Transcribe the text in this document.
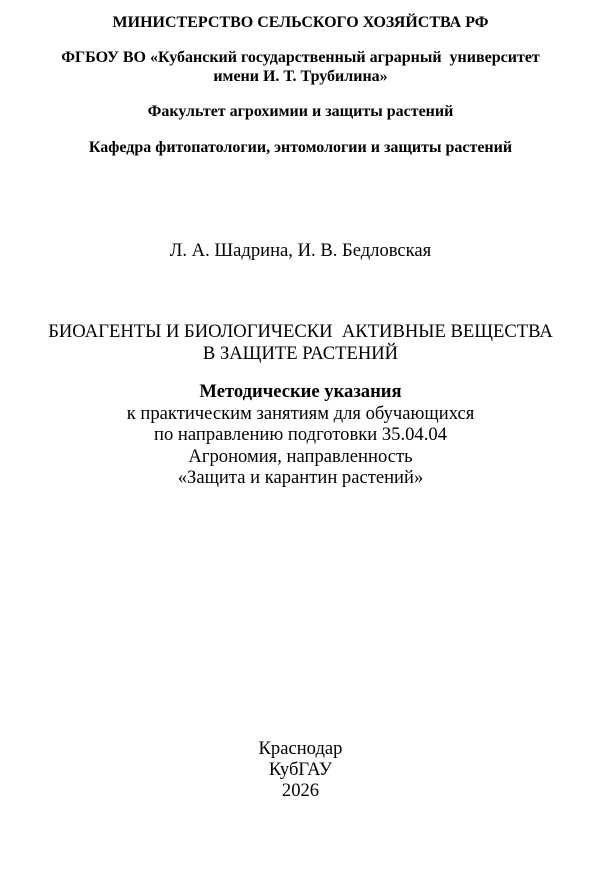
МИНИСТЕРСТВО СЕЛЬСКОГО ХОЗЯЙСТВА РФ
ФГБОУ ВО «Кубанский государственный аграрный  университет
имени И. Т. Трубилина»
Факультет агрохимии и защиты растений
Кафедра фитопатологии, энтомологии и защиты растений
Л. А. Шадрина, И. В. Бедловская
БИОАГЕНТЫ И БИОЛОГИЧЕСКИ  АКТИВНЫЕ ВЕЩЕСТВА
В ЗАЩИТЕ РАСТЕНИЙ
Методические указания
к практическим занятиям для обучающихся
по направлению подготовки 35.04.04
Агрономия, направленность
«Защита и карантин растений»
Краснодар
КубГАУ
2026
